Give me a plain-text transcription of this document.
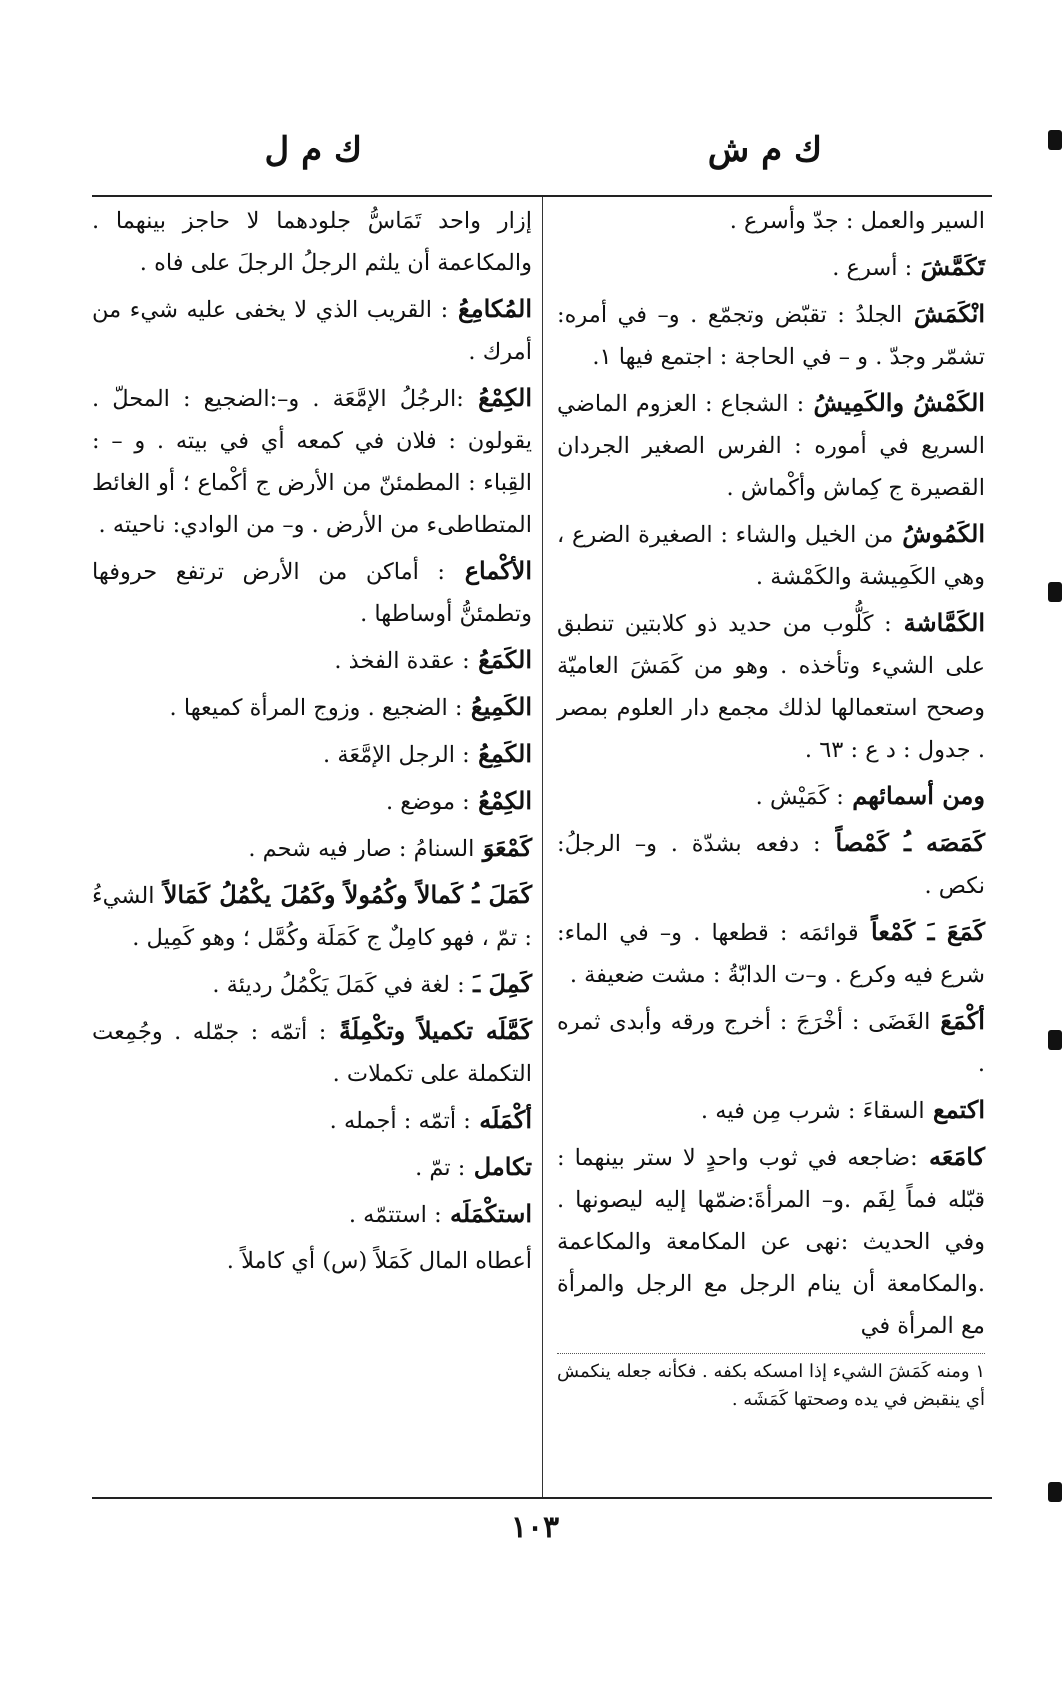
ك م ش
ك م ل

السير والعمل : جدّ وأسرع .

تَكَمَّشَ: أسرع .

انْكَمَشَالجلدُ : تقبّض وتجمّع . و– في أمره: تشمّر وجدّ . و – في الحاجة : اجتمع فيها ١.

الكَمْشُ والكَمِيشُ: الشجاع : العزوم الماضي السريع في أموره : الفرس الصغير الجردان القصيرة ج كِماش وأكْماش .

الكَمُوشُمن الخيل والشاء : الصغيرة الضرع ، وهي الكَمِيشة والكَمْشة .

الكَمَّاشة: كَلُّوب من حديد ذو كلابتين تنطبق على الشيء وتأخذه . وهو من كَمَشَ العاميّة وصحح استعمالها لذلك مجمع دار العلوم بمصر . جدول : د ع : ٦٣ .

ومن أسمائهم: كَمَيْش .

كَمَصَه ـُ كَمْصاً: دفعه بشدّة . و– الرجلُ: نكص .

كَمَعَ ـَ كَمْعاًقوائمَه : قطعها . و– في الماء: شرع فيه وكرع . و–ت الدابّةُ : مشت ضعيفة .

أكْمَعَالغَضَى : أخْرَجَ : أخرج ورقه وأبدى ثمره .

اكتمعالسقاءَ : شرب مِن فيه .

كامَعَه:ضاجعه في ثوب واحدٍ لا ستر بينهما : قبّله فماً لِفَم .و– المرأةَ:ضمّها إليه ليصونها . وفي الحديث :نهى عن المكامعة والمكاعمة .والمكامعة أن ينام الرجل مع الرجل والمرأة مع المرأة في

١ ومنه كَمَشَ الشيء إذا امسكه بكفه . فكأنه جعله ينكمش أي ينقبض في يده وصحتها كَمَشَه .

إزار واحد تَمَاسُّ جلودهما لا حاجز بينهما . والمكاعمة أن يلثم الرجلُ الرجلَ على فاه .

المُكامِعُ: القريب الذي لا يخفى عليه شيء من أمرك .

الكِمْعُ:الرجُلُ الإمَّعَة . و–:الضجيع : المحلّ . يقولون : فلان في كمعه أي في بيته . و – : القِباء : المطمئنّ من الأرض ج أكْماع ؛ أو الغائط المتطاطىء من الأرض . و– من الوادي: ناحيته .

الأكْماع: أماكن من الأرض ترتفع حروفها وتطمئنُّ أوساطها .

الكَمَعُ: عقدة الفخذ .

الكَمِيعُ: الضجيع . وزوج المرأة كميعها .

الكَمِعُ: الرجل الإمَّعَة .

الكِمْعُ: موضع .

كَمْعَوَالسنامُ : صار فيه شحم .

كَمَلَ ـُ كَمالاً وكُمُولاً وكَمُلَ يكْمُلُ كَمَالاًالشيءُ : تمّ ، فهو كامِلٌ ج كَمَلَة وكُمَّل ؛ وهو كَمِيل .

كَمِلَ ـَ: لغة في كَمَلَ يَكْمُلُ رديئة .

كَمَّلَه تكميلاً وتكْمِلَةً: أتمّه : جمّله . وجُمِعت التكملة على تكملات .

أكْمَلَه: أتمّه : أجمله .

تكامل: تمّ .

استكْمَلَه: استتمّه .

أعطاه المال كَمَلاً (س) أي كاملاً .

١٠٣
